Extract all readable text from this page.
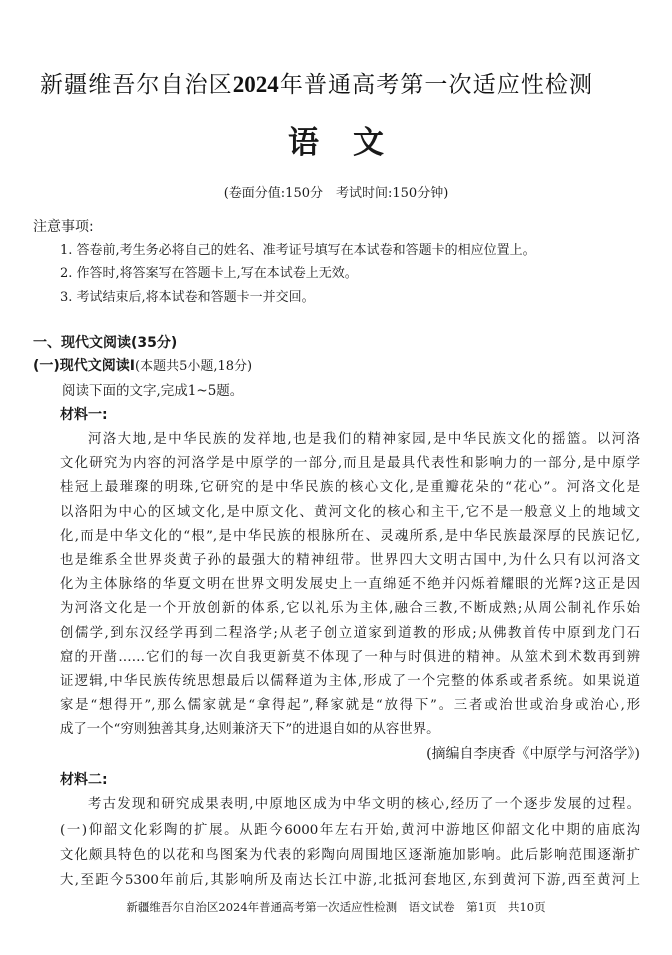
新疆维吾尔自治区2024年普通高考第一次适应性检测
语文
(卷面分值:150分　考试时间:150分钟)
注意事项:
1. 答卷前,考生务必将自己的姓名、准考证号填写在本试卷和答题卡的相应位置上。
2. 作答时,将答案写在答题卡上,写在本试卷上无效。
3. 考试结束后,将本试卷和答题卡一并交回。
一、现代文阅读(35分)
(一)现代文阅读Ⅰ(本题共5小题,18分)
阅读下面的文字,完成1~5题。
材料一:
河洛大地,是中华民族的发祥地,也是我们的精神家园,是中华民族文化的摇篮。以河洛
文化研究为内容的河洛学是中原学的一部分,而且是最具代表性和影响力的一部分,是中原学
桂冠上最璀璨的明珠,它研究的是中华民族的核心文化,是重瓣花朵的“花心”。河洛文化是
以洛阳为中心的区域文化,是中原文化、黄河文化的核心和主干,它不是一般意义上的地域文
化,而是中华文化的“根”,是中华民族的根脉所在、灵魂所系,是中华民族最深厚的民族记忆,
也是维系全世界炎黄子孙的最强大的精神纽带。世界四大文明古国中,为什么只有以河洛文
化为主体脉络的华夏文明在世界文明发展史上一直绵延不绝并闪烁着耀眼的光辉?这正是因
为河洛文化是一个开放创新的体系,它以礼乐为主体,融合三教,不断成熟;从周公制礼作乐始
创儒学,到东汉经学再到二程洛学;从老子创立道家到道教的形成;从佛教首传中原到龙门石
窟的开凿……它们的每一次自我更新莫不体现了一种与时俱进的精神。从筮术到术数再到辨
证逻辑,中华民族传统思想最后以儒释道为主体,形成了一个完整的体系或者系统。如果说道
家是“想得开”,那么儒家就是“拿得起”,释家就是“放得下”。三者或治世或治身或治心,形
成了一个“穷则独善其身,达则兼济天下”的进退自如的从容世界。
(摘编自李庚香《中原学与河洛学》)
材料二:
考古发现和研究成果表明,中原地区成为中华文明的核心,经历了一个逐步发展的过程。
(一)仰韶文化彩陶的扩展。从距今6000年左右开始,黄河中游地区仰韶文化中期的庙底沟
文化颇具特色的以花和鸟图案为代表的彩陶向周围地区逐渐施加影响。此后影响范围逐渐扩
大,至距今5300年前后,其影响所及南达长江中游,北抵河套地区,东到黄河下游,西至黄河上
新疆维吾尔自治区2024年普通高考第一次适应性检测　语文试卷　第1页　共10页
